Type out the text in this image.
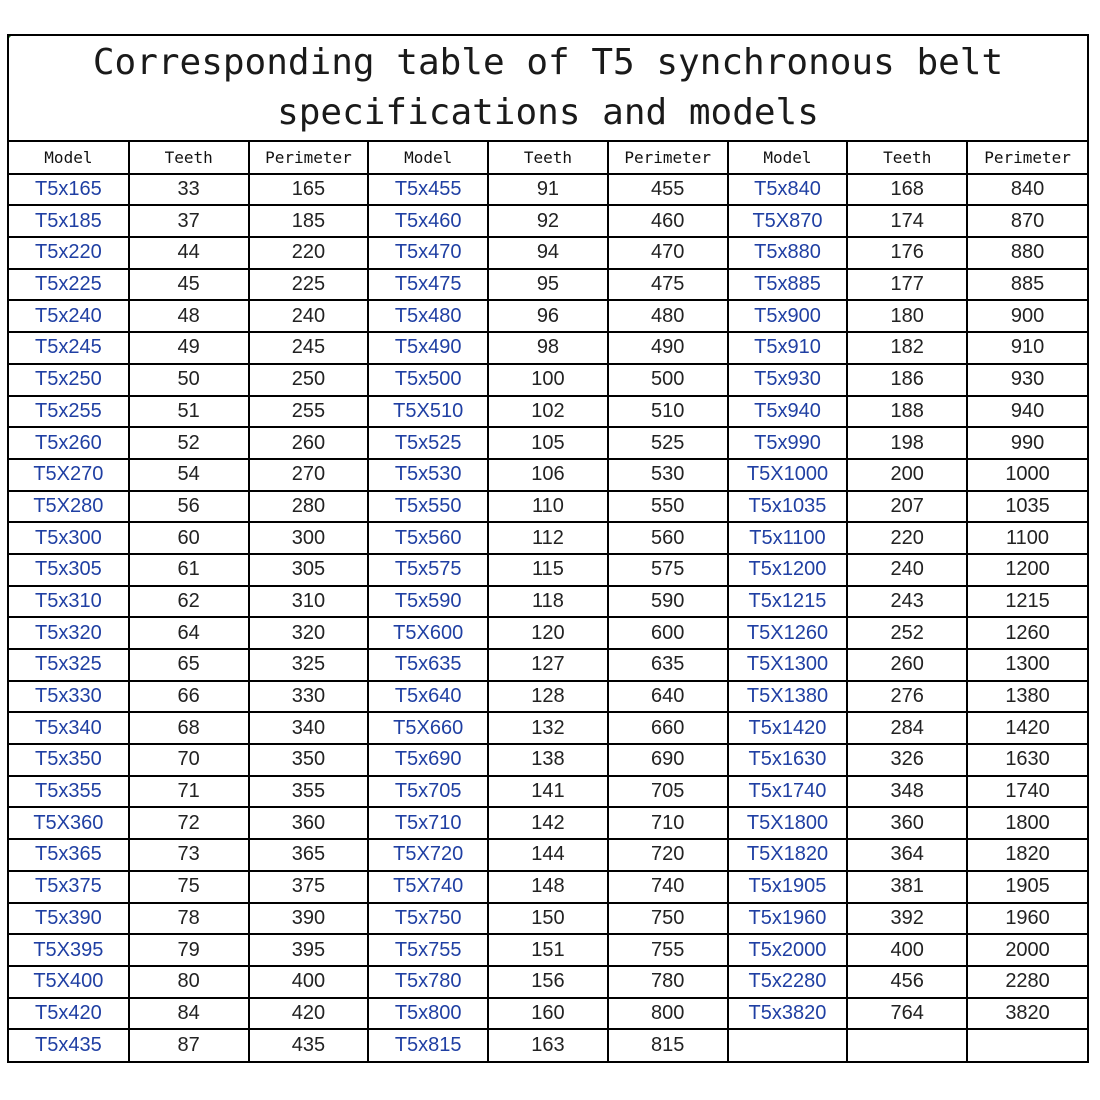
Corresponding table of T5 synchronous belt specifications and models
Model	Teeth	Perimeter	Model	Teeth	Perimeter	Model	Teeth	Perimeter
T5x165	33	165	T5x455	91	455	T5x840	168	840
T5x185	37	185	T5x460	92	460	T5X870	174	870
T5x220	44	220	T5x470	94	470	T5x880	176	880
T5x225	45	225	T5x475	95	475	T5x885	177	885
T5x240	48	240	T5x480	96	480	T5x900	180	900
T5x245	49	245	T5x490	98	490	T5x910	182	910
T5x250	50	250	T5x500	100	500	T5x930	186	930
T5x255	51	255	T5X510	102	510	T5x940	188	940
T5x260	52	260	T5x525	105	525	T5x990	198	990
T5X270	54	270	T5x530	106	530	T5X1000	200	1000
T5X280	56	280	T5x550	110	550	T5x1035	207	1035
T5x300	60	300	T5x560	112	560	T5x1100	220	1100
T5x305	61	305	T5x575	115	575	T5x1200	240	1200
T5x310	62	310	T5x590	118	590	T5x1215	243	1215
T5x320	64	320	T5X600	120	600	T5X1260	252	1260
T5x325	65	325	T5x635	127	635	T5X1300	260	1300
T5x330	66	330	T5x640	128	640	T5X1380	276	1380
T5x340	68	340	T5X660	132	660	T5x1420	284	1420
T5x350	70	350	T5x690	138	690	T5x1630	326	1630
T5x355	71	355	T5x705	141	705	T5x1740	348	1740
T5X360	72	360	T5x710	142	710	T5X1800	360	1800
T5x365	73	365	T5X720	144	720	T5X1820	364	1820
T5x375	75	375	T5X740	148	740	T5x1905	381	1905
T5x390	78	390	T5x750	150	750	T5x1960	392	1960
T5X395	79	395	T5x755	151	755	T5x2000	400	2000
T5X400	80	400	T5x780	156	780	T5x2280	456	2280
T5x420	84	420	T5x800	160	800	T5x3820	764	3820
T5x435	87	435	T5x815	163	815			
